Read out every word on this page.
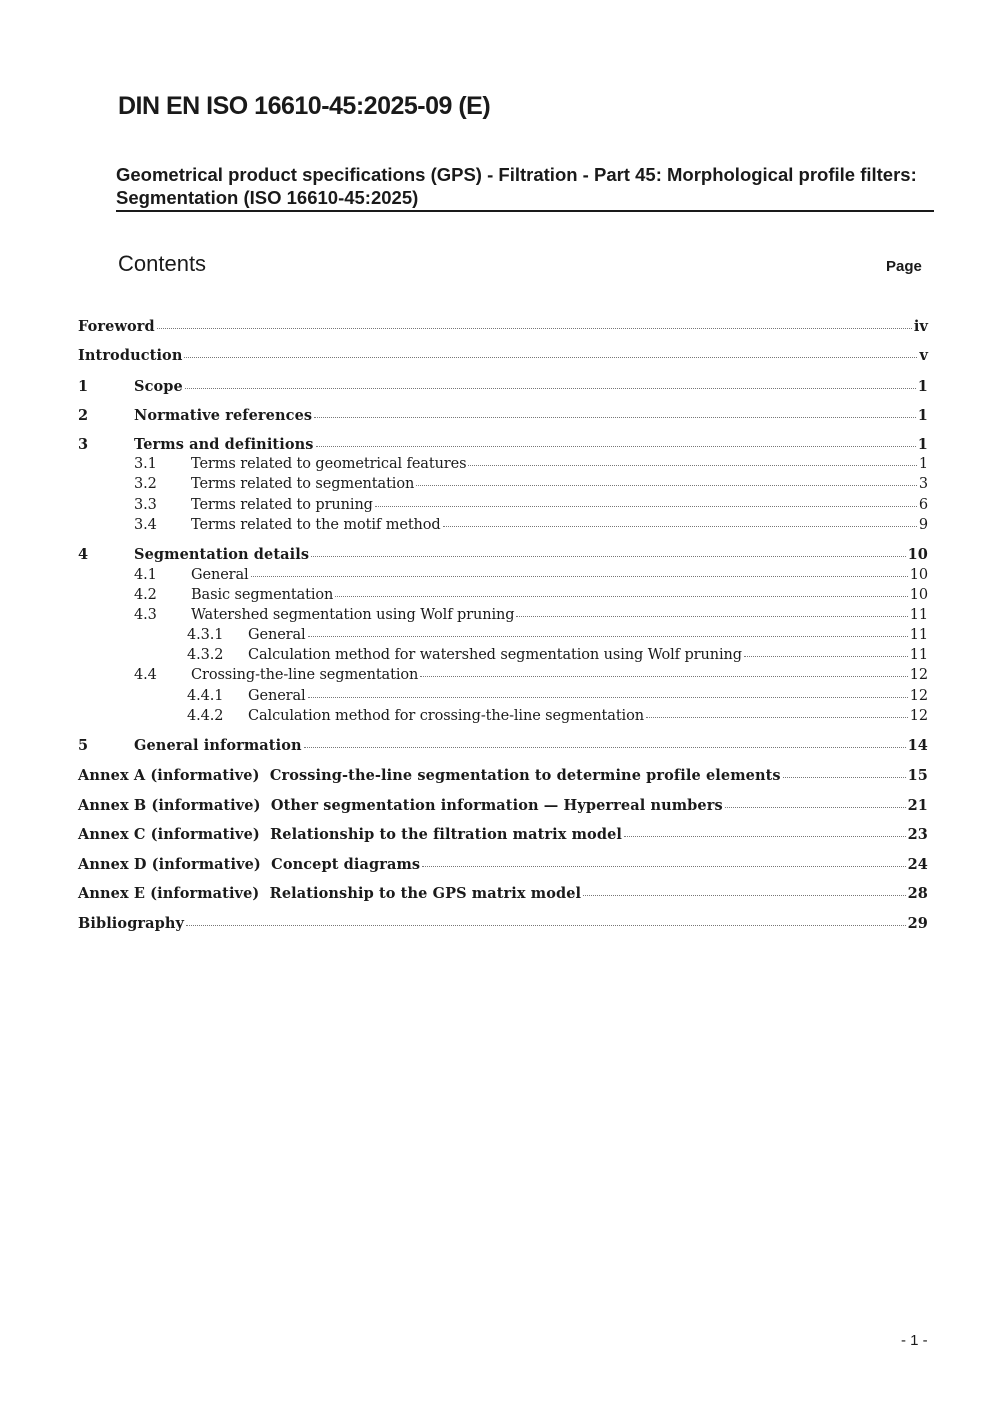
DIN EN ISO 16610-45:2025-09 (E)
Geometrical product specifications (GPS) - Filtration - Part 45: Morphological profile filters: Segmentation (ISO 16610-45:2025)
Contents	Page
Foreword	iv
Introduction	v
1	Scope	1
2	Normative references	1
3	Terms and definitions	1
3.1	Terms related to geometrical features	1
3.2	Terms related to segmentation	3
3.3	Terms related to pruning	6
3.4	Terms related to the motif method	9
4	Segmentation details	10
4.1	General	10
4.2	Basic segmentation	10
4.3	Watershed segmentation using Wolf pruning	11
4.3.1	General	11
4.3.2	Calculation method for watershed segmentation using Wolf pruning	11
4.4	Crossing-the-line segmentation	12
4.4.1	General	12
4.4.2	Calculation method for crossing-the-line segmentation	12
5	General information	14
Annex A (informative)  Crossing-the-line segmentation to determine profile elements	15
Annex B (informative)  Other segmentation information — Hyperreal numbers	21
Annex C (informative)  Relationship to the filtration matrix model	23
Annex D (informative)  Concept diagrams	24
Annex E (informative)  Relationship to the GPS matrix model	28
Bibliography	29
- 1 -
